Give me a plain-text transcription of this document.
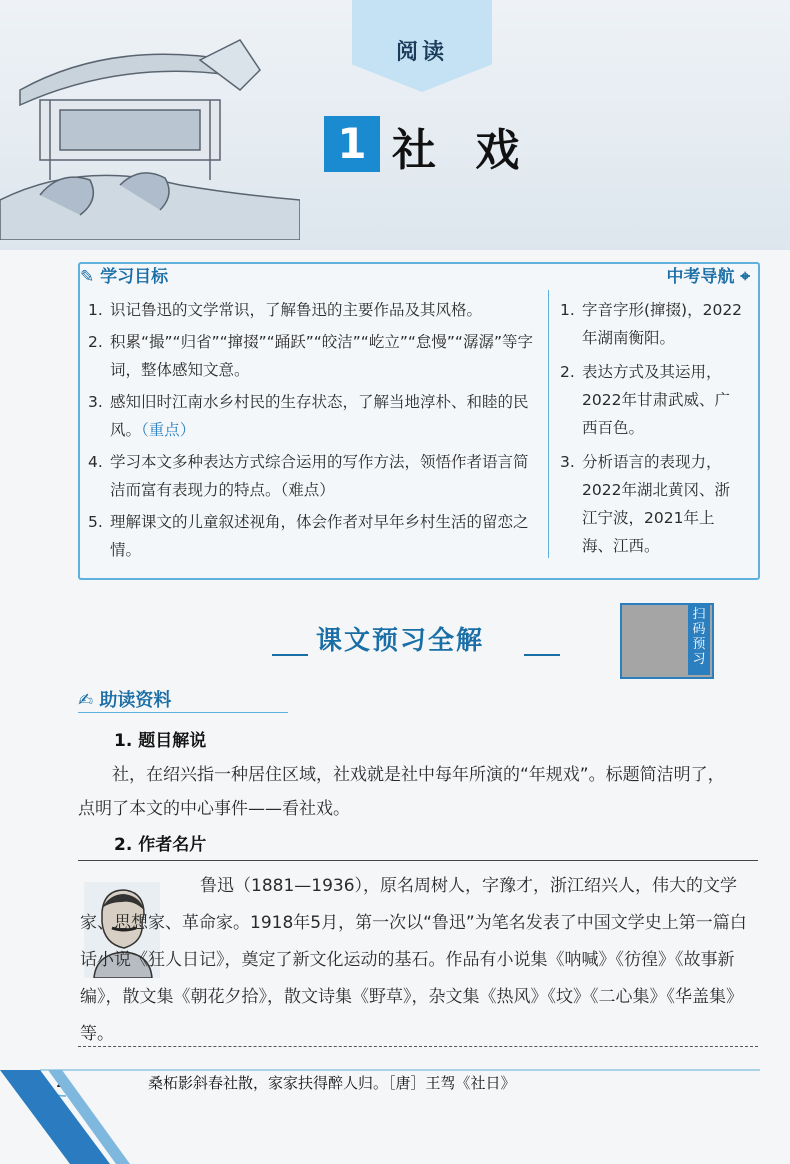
阅读
1 社 戏
✎ 学习目标	中考导航 ⌖
1. 识记鲁迅的文学常识，了解鲁迅的主要作品及其风格。
2. 积累“撮”“归省”“撺掇”“踊跃”“皎洁”“屹立”“怠慢”“潺潺”等字词，整体感知文意。
3. 感知旧时江南水乡村民的生存状态，了解当地淳朴、和睦的民风。（重点）
4. 学习本文多种表达方式综合运用的写作方法，领悟作者语言简洁而富有表现力的特点。（难点）
5. 理解课文的儿童叙述视角，体会作者对早年乡村生活的留恋之情。
1. 字音字形(撺掇)，2022年湖南衡阳。
2. 表达方式及其运用，2022年甘肃武威、广西百色。
3. 分析语言的表现力，2022年湖北黄冈、浙江宁波，2021年上海、江西。
课文预习全解
扫码预习
✍ 助读资料
1. 题目解说
社，在绍兴指一种居住区域，社戏就是社中每年所演的“年规戏”。标题简洁明了，点明了本文的中心事件——看社戏。
2. 作者名片
鲁迅（1881—1936），原名周树人，字豫才，浙江绍兴人，伟大的文学家、思想家、革命家。1918年5月，第一次以“鲁迅”为笔名发表了中国文学史上第一篇白话小说《狂人日记》，奠定了新文化运动的基石。作品有小说集《呐喊》《彷徨》《故事新编》，散文集《朝花夕拾》，散文诗集《野草》，杂文集《热风》《坟》《二心集》《华盖集》等。
桑柘影斜春社散，家家扶得醉人归。［唐］王驾《社日》
